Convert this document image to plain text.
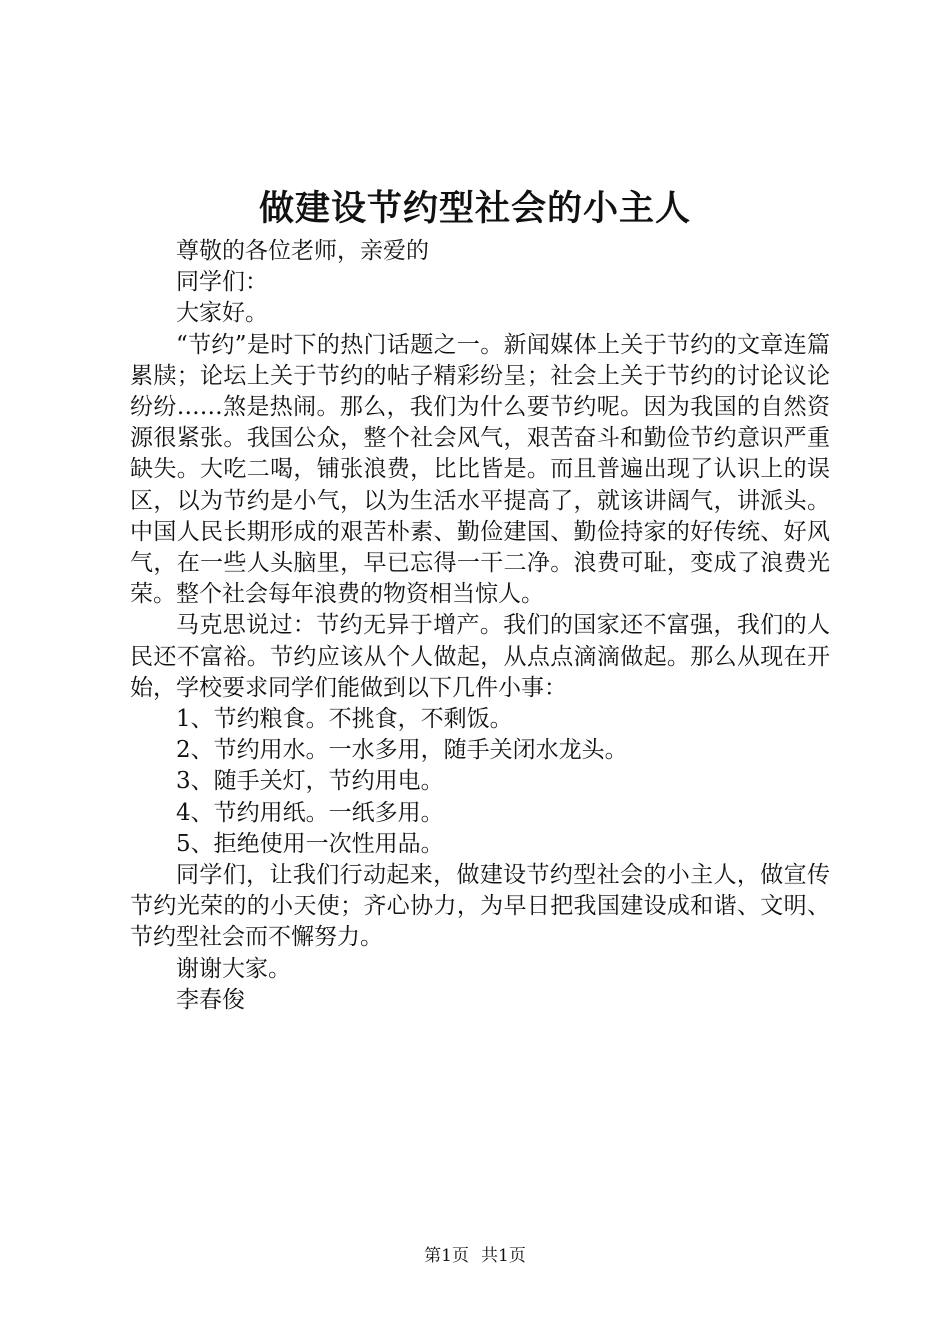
做建设节约型社会的小主人

尊敬的各位老师，亲爱的

同学们：

大家好。

“节约”是时下的热门话题之一。新闻媒体上关于节约的文章连篇累牍；论坛上关于节约的帖子精彩纷呈；社会上关于节约的讨论议论纷纷……煞是热闹。那么，我们为什么要节约呢。因为我国的自然资源很紧张。我国公众，整个社会风气，艰苦奋斗和勤俭节约意识严重缺失。大吃二喝，铺张浪费，比比皆是。而且普遍出现了认识上的误区，以为节约是小气，以为生活水平提高了，就该讲阔气，讲派头。中国人民长期形成的艰苦朴素、勤俭建国、勤俭持家的好传统、好风气，在一些人头脑里，早已忘得一干二净。浪费可耻，变成了浪费光荣。整个社会每年浪费的物资相当惊人。

马克思说过：节约无异于增产。我们的国家还不富强，我们的人民还不富裕。节约应该从个人做起，从点点滴滴做起。那么从现在开始，学校要求同学们能做到以下几件小事：

1、节约粮食。不挑食，不剩饭。

2、节约用水。一水多用，随手关闭水龙头。

3、随手关灯，节约用电。

4、节约用纸。一纸多用。

5、拒绝使用一次性用品。

同学们，让我们行动起来，做建设节约型社会的小主人，做宣传节约光荣的的小天使；齐心协力，为早日把我国建设成和谐、文明、节约型社会而不懈努力。

谢谢大家。

李春俊

第1页 共1页
